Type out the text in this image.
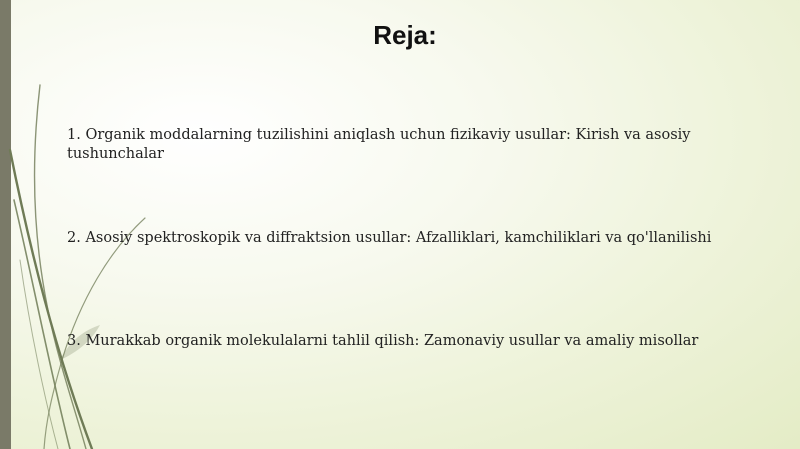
Reja:
1. Organik moddalarning tuzilishini aniqlash uchun fizikaviy usullar: Kirish va asosiy tushunchalar
2. Asosiy spektroskopik va diffraktsion usullar: Afzalliklari, kamchiliklari va qo'llanilishi
3. Murakkab organik molekulalarni tahlil qilish: Zamonaviy usullar va amaliy misollar
